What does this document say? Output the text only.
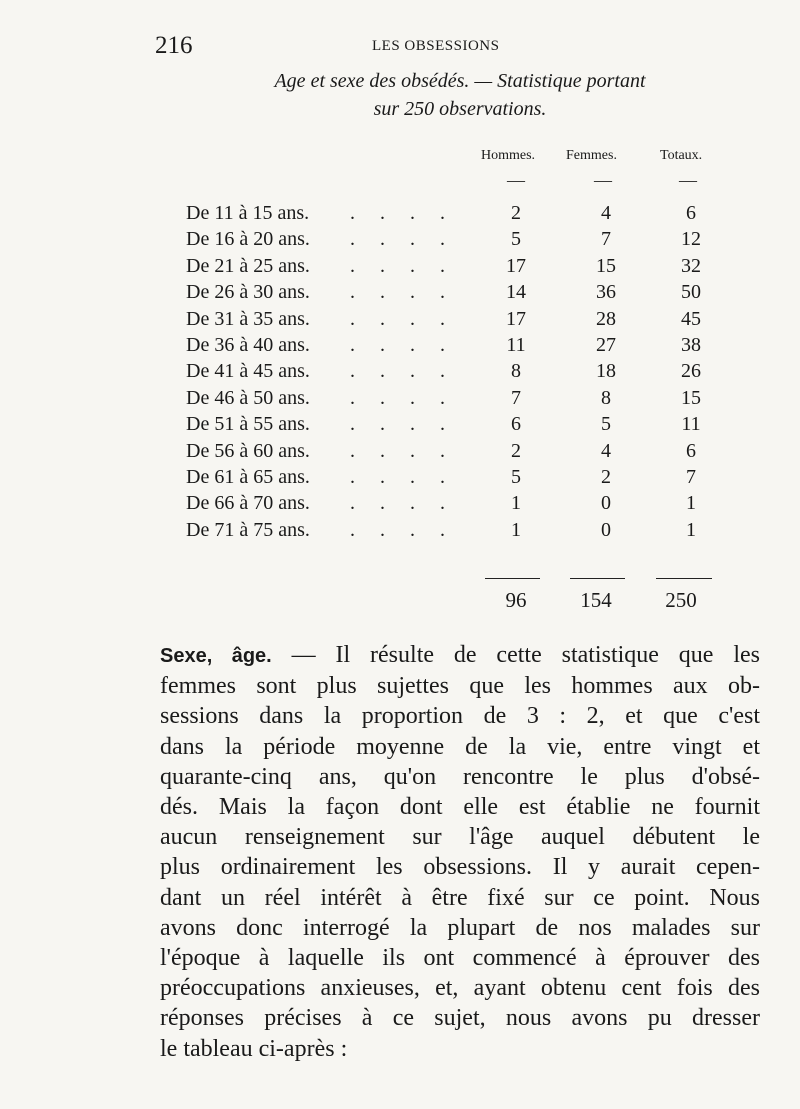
216	LES OBSESSIONS
Age et sexe des obsédés. — Statistique portant
sur 250 observations.
Hommes. Femmes.	Totaux.
—	—	—
De 11 à 15 ans. . . . .	2	4	6
De 16 à 20 ans. . . . .	5	7	12
De 21 à 25 ans. . . . .	17	15	32
De 26 à 30 ans. . . . .	14	36	50
De 31 à 35 ans. . . . .	17	28	45
De 36 à 40 ans. . . . .	11	27	38
De 41 à 45 ans. . . . .	8	18	26
De 46 à 50 ans. . . . .	7	8	15
De 51 à 55 ans. . . . .	6	5	11
De 56 à 60 ans. . . . .	2	4	6
De 61 à 65 ans. . . . .	5	2	7
De 66 à 70 ans. . . . .	1	0	1
De 71 à 75 ans. . . . .	1	0	1
96	154	250
Sexe, âge. — Il résulte de cette statistique que les
femmes sont plus sujettes que les hommes aux ob-
sessions dans la proportion de 3 : 2, et que c'est
dans la période moyenne de la vie, entre vingt et
quarante-cinq ans, qu'on rencontre le plus d'obsé-
dés. Mais la façon dont elle est établie ne fournit
aucun renseignement sur l'âge auquel débutent le
plus ordinairement les obsessions. Il y aurait cepen-
dant un réel intérêt à être fixé sur ce point. Nous
avons donc interrogé la plupart de nos malades sur
l'époque à laquelle ils ont commencé à éprouver des
préoccupations anxieuses, et, ayant obtenu cent fois des
réponses précises à ce sujet, nous avons pu dresser
le tableau ci-après :
